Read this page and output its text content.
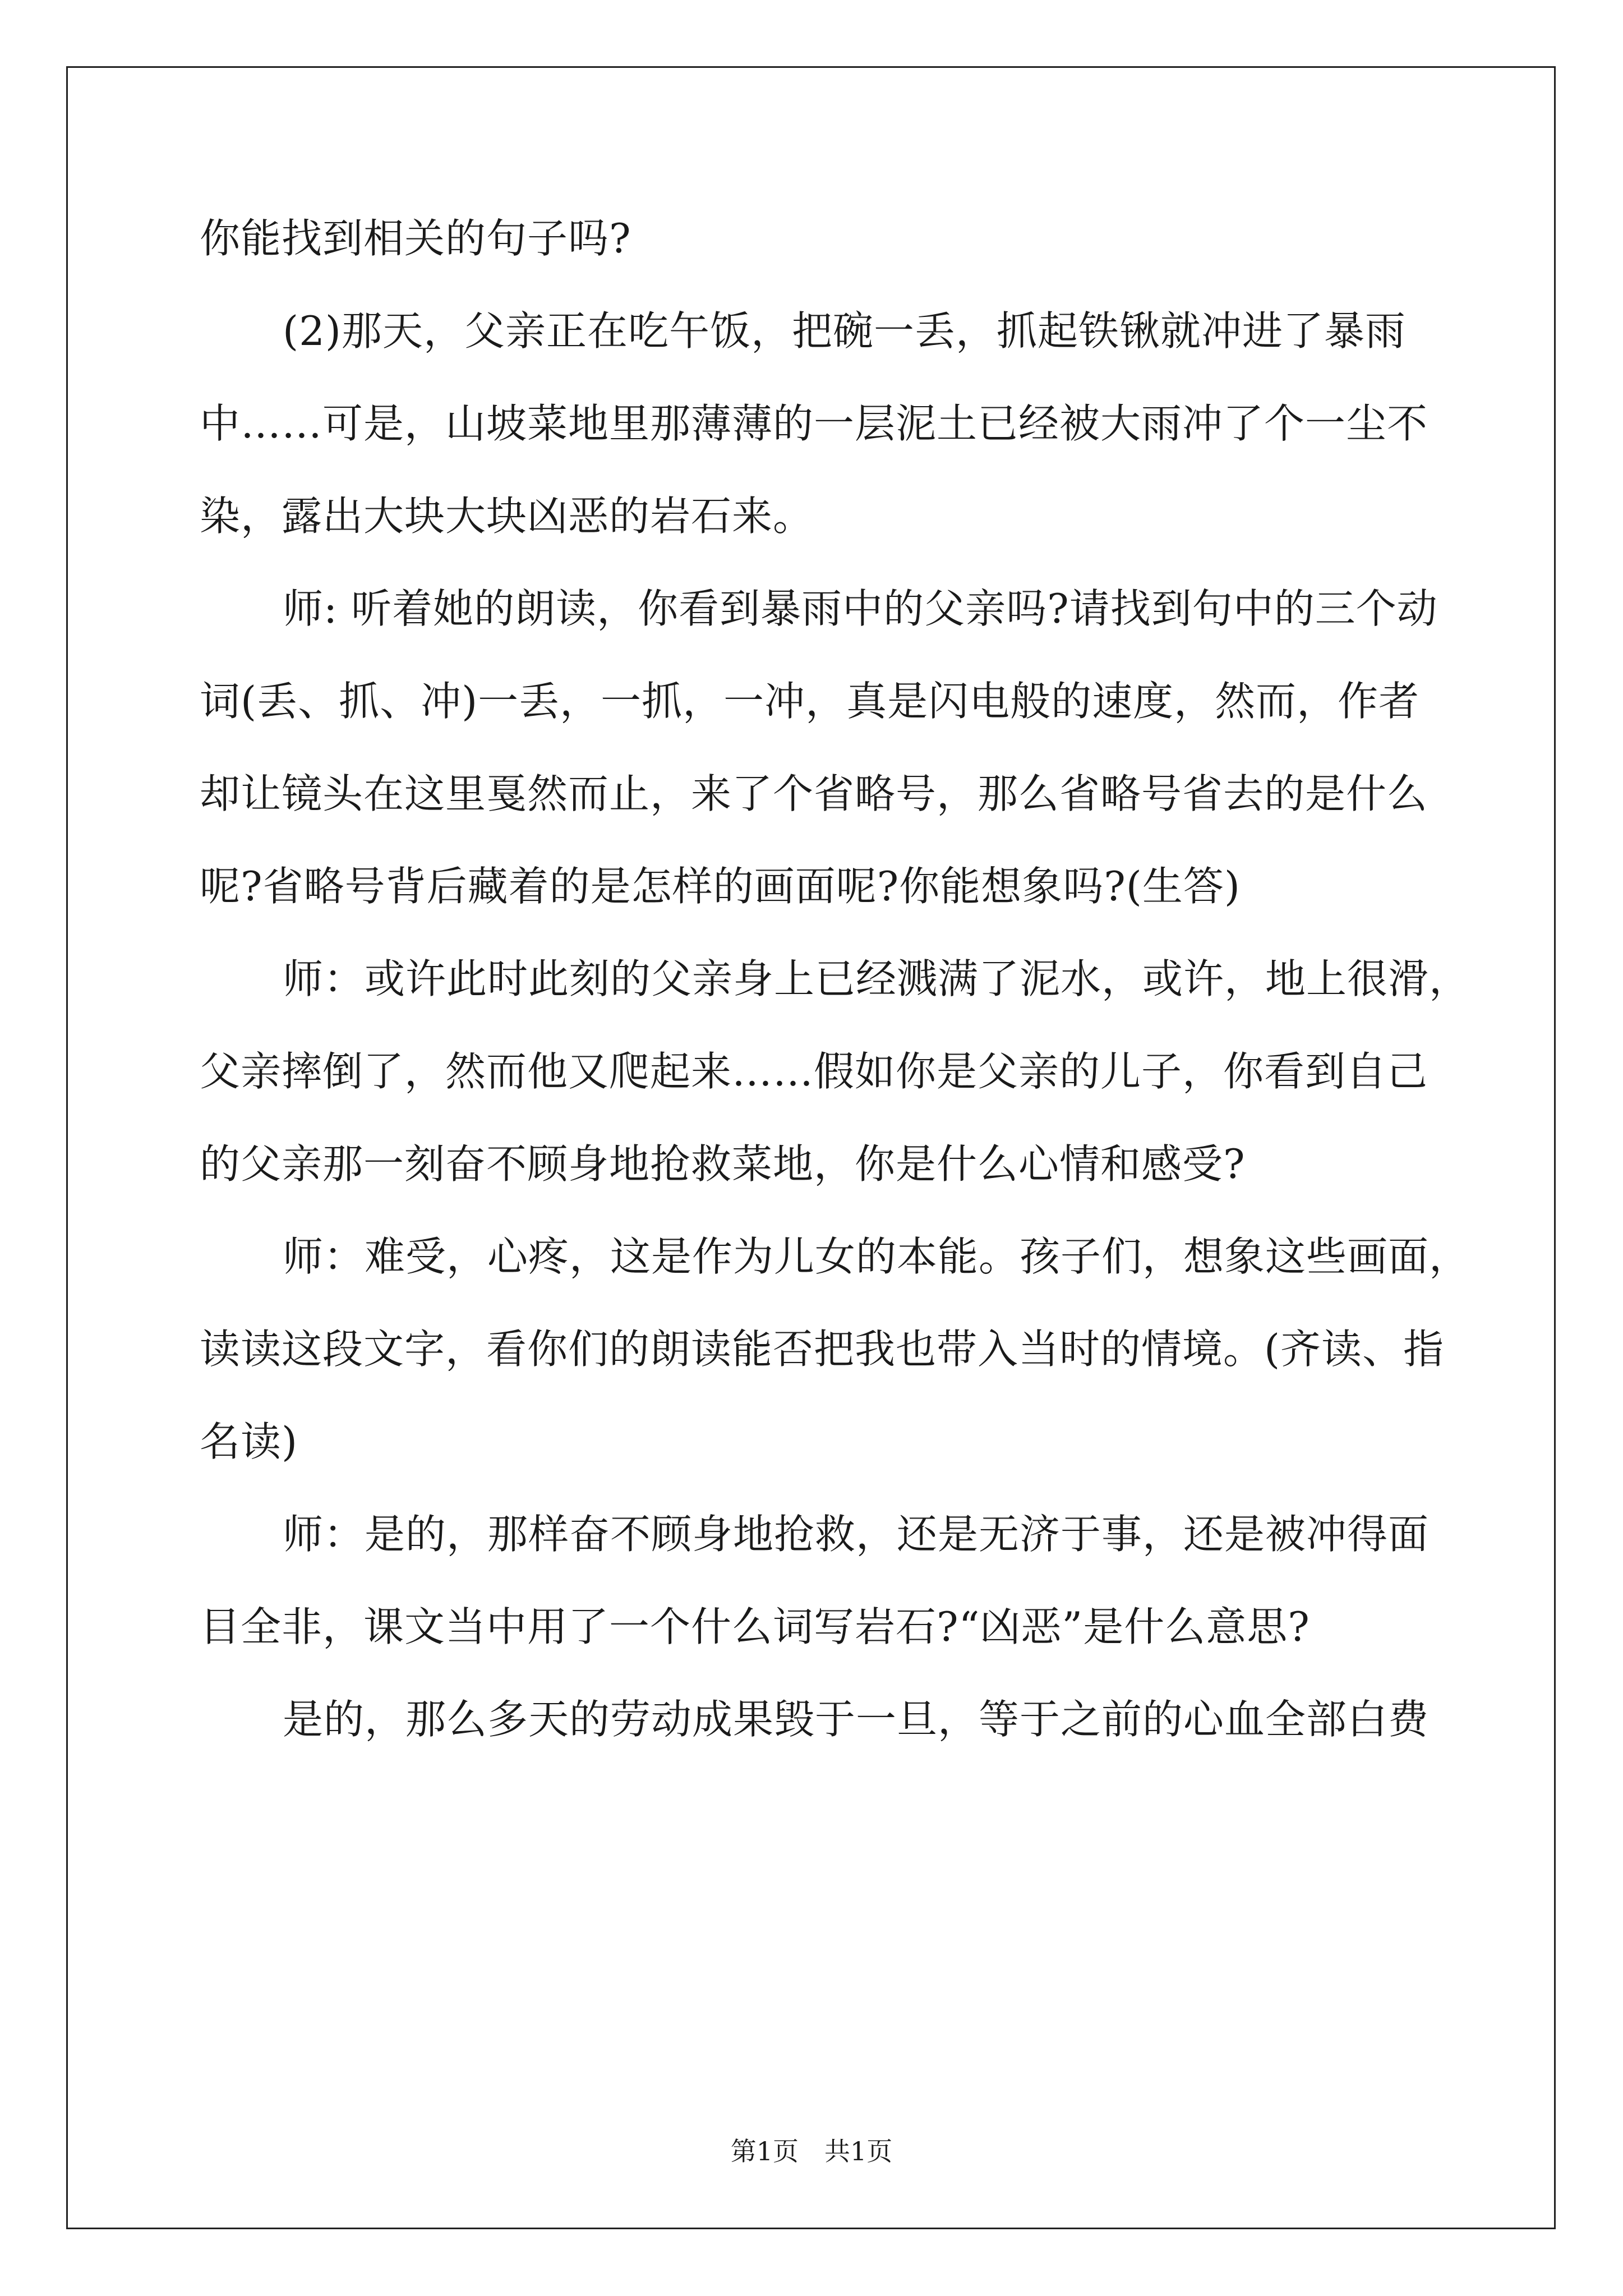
你能找到相关的句子吗?
(2)那天，父亲正在吃午饭，把碗一丢，抓起铁锹就冲进了暴雨
中……可是，山坡菜地里那薄薄的一层泥土已经被大雨冲了个一尘不
染，露出大块大块凶恶的岩石来。
师: 听着她的朗读，你看到暴雨中的父亲吗?请找到句中的三个动
词(丢、抓、冲)一丢，一抓，一冲，真是闪电般的速度，然而，作者
却让镜头在这里戛然而止，来了个省略号，那么省略号省去的是什么
呢?省略号背后藏着的是怎样的画面呢?你能想象吗?(生答)
师：或许此时此刻的父亲身上已经溅满了泥水，或许，地上很滑，
父亲摔倒了，然而他又爬起来……假如你是父亲的儿子，你看到自己
的父亲那一刻奋不顾身地抢救菜地，你是什么心情和感受?
师：难受，心疼，这是作为儿女的本能。孩子们，想象这些画面，
读读这段文字，看你们的朗读能否把我也带入当时的情境。(齐读、指
名读)
师：是的，那样奋不顾身地抢救，还是无济于事，还是被冲得面
目全非，课文当中用了一个什么词写岩石?“凶恶”是什么意思?
是的，那么多天的劳动成果毁于一旦，等于之前的心血全部白费
第1页　共1页
